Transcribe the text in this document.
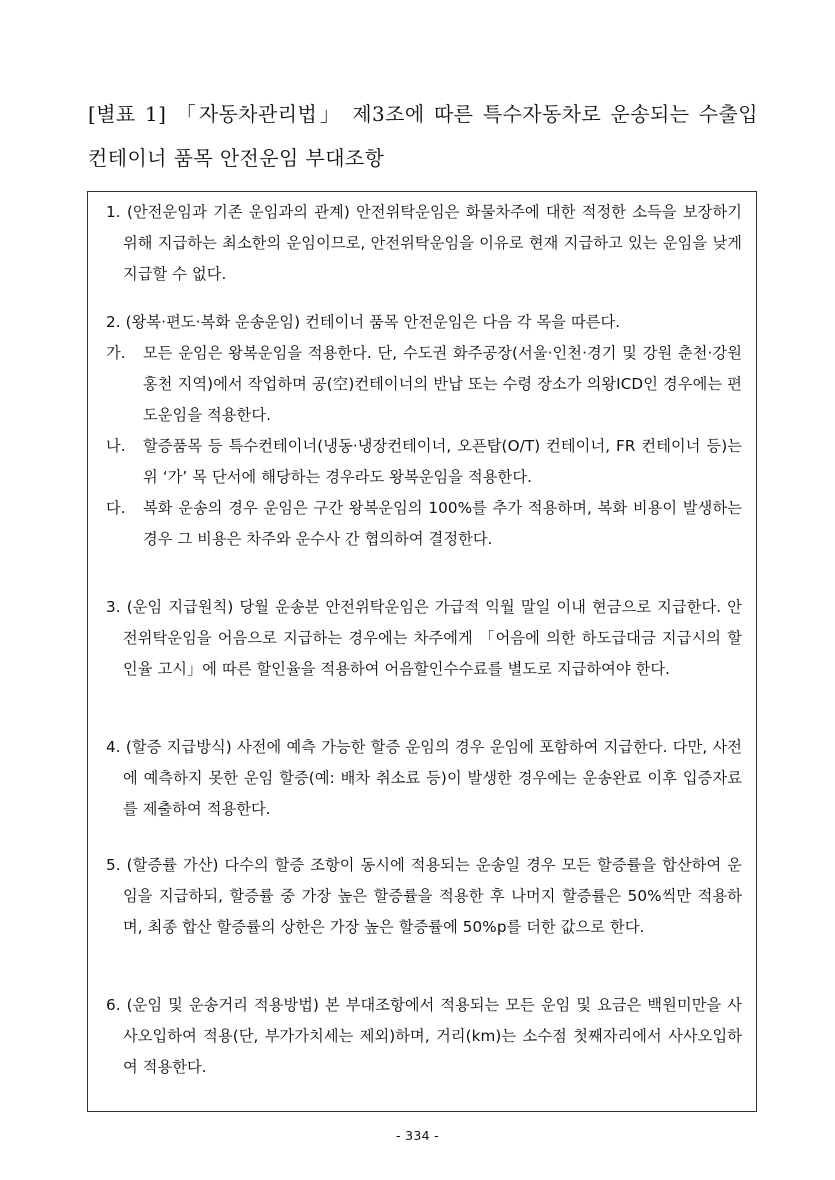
[별표 1] 「자동차관리법」 제3조에 따른 특수자동차로 운송되는 수출입
컨테이너 품목 안전운임 부대조항

1. (안전운임과 기존 운임과의 관계) 안전위탁운임은 화물차주에 대한 적정한 소득을 보장하기 위해 지급하는 최소한의 운임이므로, 안전위탁운임을 이유로 현재 지급하고 있는 운임을 낮게 지급할 수 없다.

2. (왕복·편도·복화 운송운임) 컨테이너 품목 안전운임은 다음 각 목을 따른다.

가. 모든 운임은 왕복운임을 적용한다. 단, 수도권 화주공장(서울·인천·경기 및 강원 춘천·강원 홍천 지역)에서 작업하며 공(空)컨테이너의 반납 또는 수령 장소가 의왕ICD인 경우에는 편도운임을 적용한다.
나. 할증품목 등 특수컨테이너(냉동·냉장컨테이너, 오픈탑(O/T) 컨테이너, FR 컨테이너 등)는 위 ‘가’ 목 단서에 해당하는 경우라도 왕복운임을 적용한다.
다. 복화 운송의 경우 운임은 구간 왕복운임의 100%를 추가 적용하며, 복화 비용이 발생하는 경우 그 비용은 차주와 운수사 간 협의하여 결정한다.

3. (운임 지급원칙) 당월 운송분 안전위탁운임은 가급적 익월 말일 이내 현금으로 지급한다. 안전위탁운임을 어음으로 지급하는 경우에는 차주에게 「어음에 의한 하도급대금 지급시의 할인율 고시」에 따른 할인율을 적용하여 어음할인수수료를 별도로 지급하여야 한다.

4. (할증 지급방식) 사전에 예측 가능한 할증 운임의 경우 운임에 포함하여 지급한다. 다만, 사전에 예측하지 못한 운임 할증(예: 배차 취소료 등)이 발생한 경우에는 운송완료 이후 입증자료를 제출하여 적용한다.

5. (할증률 가산) 다수의 할증 조항이 동시에 적용되는 운송일 경우 모든 할증률을 합산하여 운임을 지급하되, 할증률 중 가장 높은 할증률을 적용한 후 나머지 할증률은 50%씩만 적용하며, 최종 합산 할증률의 상한은 가장 높은 할증률에 50%p를 더한 값으로 한다.

6. (운임 및 운송거리 적용방법) 본 부대조항에서 적용되는 모든 운임 및 요금은 백원미만을 사사오입하여 적용(단, 부가가치세는 제외)하며, 거리(km)는 소수점 첫째자리에서 사사오입하여 적용한다.

- 334 -
